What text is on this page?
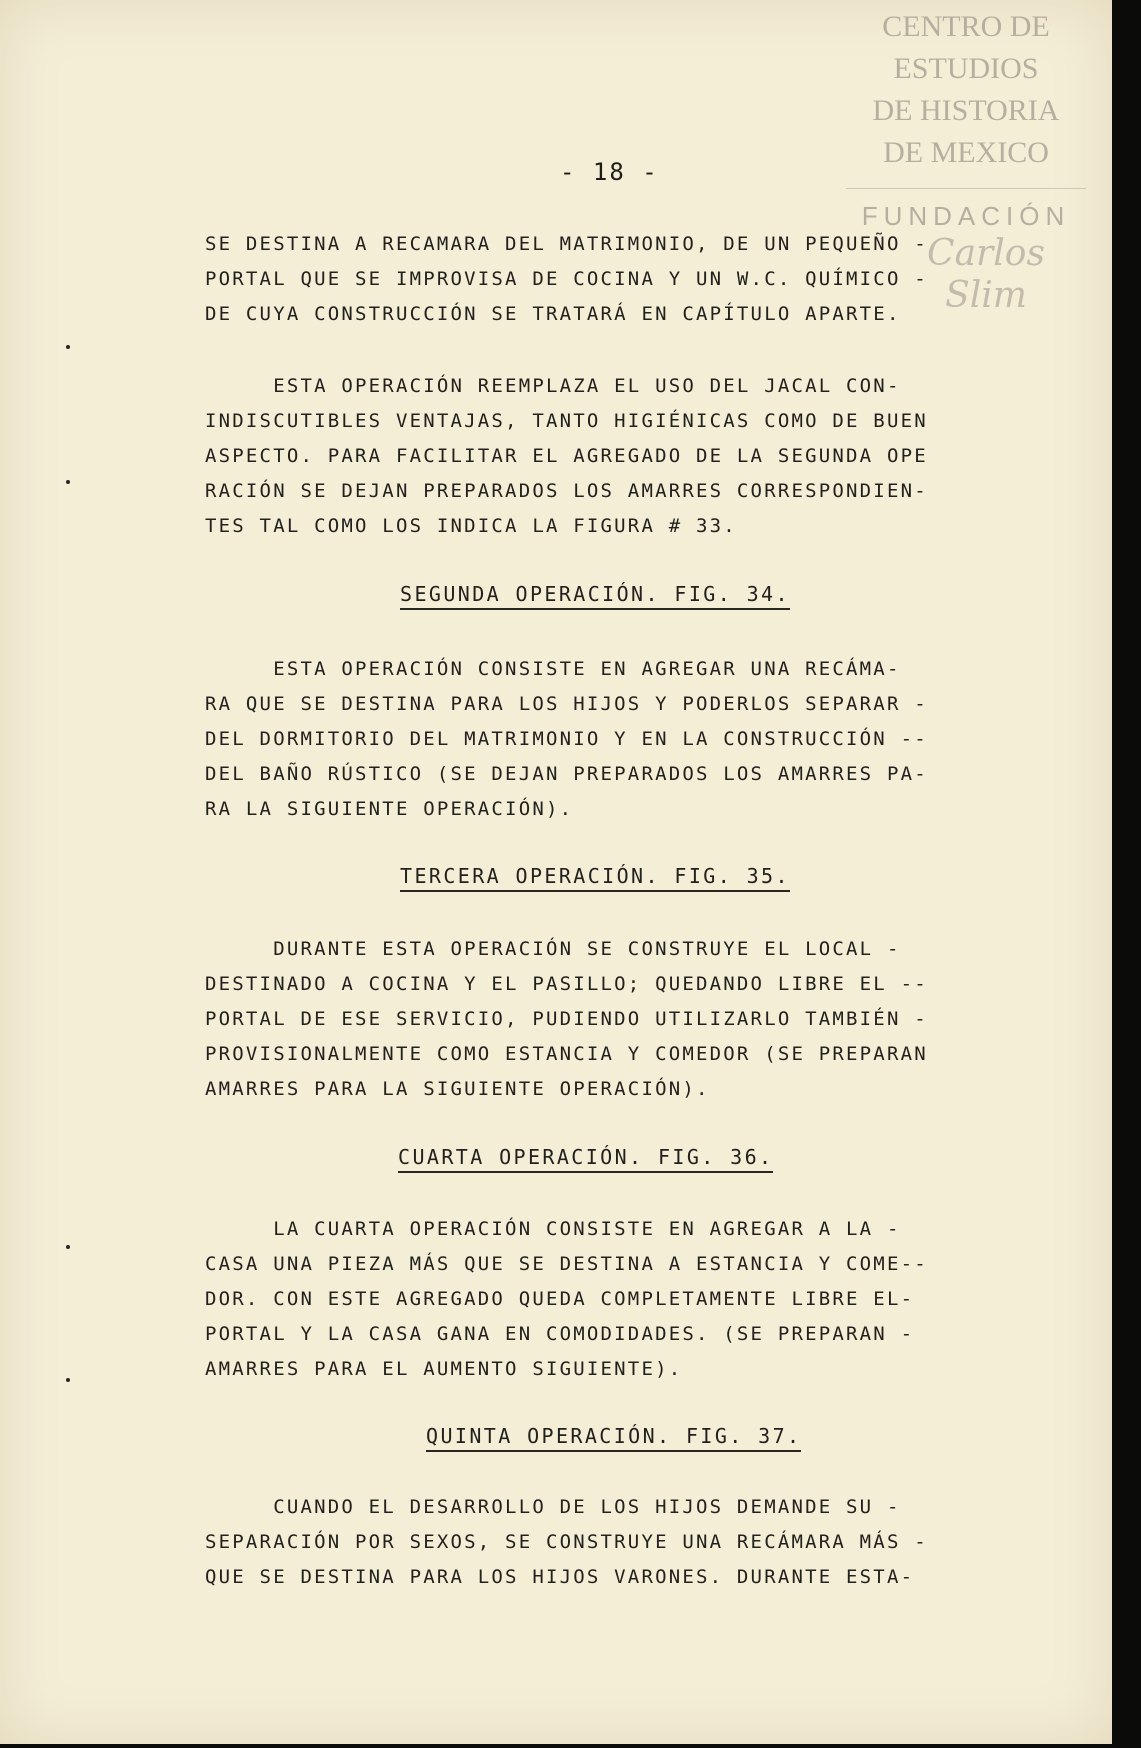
CENTRO DE
ESTUDIOS
DE HISTORIA
DE MEXICO
FUNDACIÓN
Carlos Slim
- 18 -

SE DESTINA A RECAMARA DEL MATRIMONIO, DE UN PEQUEÑO -

PORTAL QUE SE IMPROVISA DE COCINA Y UN W.C. QUÍMICO -

DE CUYA CONSTRUCCIÓN SE TRATARÁ EN CAPÍTULO APARTE.

ESTA OPERACIÓN REEMPLAZA EL USO DEL JACAL CON-

INDISCUTIBLES VENTAJAS, TANTO HIGIÉNICAS COMO DE BUEN

ASPECTO. PARA FACILITAR EL AGREGADO DE LA SEGUNDA OPE

RACIÓN SE DEJAN PREPARADOS LOS AMARRES CORRESPONDIEN-

TES TAL COMO LOS INDICA LA FIGURA # 33.

SEGUNDA OPERACIÓN. FIG. 34.

ESTA OPERACIÓN CONSISTE EN AGREGAR UNA RECÁMA-

RA QUE SE DESTINA PARA LOS HIJOS Y PODERLOS SEPARAR -

DEL DORMITORIO DEL MATRIMONIO Y EN LA CONSTRUCCIÓN --

DEL BAÑO RÚSTICO (SE DEJAN PREPARADOS LOS AMARRES PA-

RA LA SIGUIENTE OPERACIÓN).

TERCERA OPERACIÓN. FIG. 35.

DURANTE ESTA OPERACIÓN SE CONSTRUYE EL LOCAL -

DESTINADO A COCINA Y EL PASILLO; QUEDANDO LIBRE EL --

PORTAL DE ESE SERVICIO, PUDIENDO UTILIZARLO TAMBIÉN -

PROVISIONALMENTE COMO ESTANCIA Y COMEDOR (SE PREPARAN

AMARRES PARA LA SIGUIENTE OPERACIÓN).

CUARTA OPERACIÓN. FIG. 36.

LA CUARTA OPERACIÓN CONSISTE EN AGREGAR A LA -

CASA UNA PIEZA MÁS QUE SE DESTINA A ESTANCIA Y COME--

DOR. CON ESTE AGREGADO QUEDA COMPLETAMENTE LIBRE EL-

PORTAL Y LA CASA GANA EN COMODIDADES. (SE PREPARAN -

AMARRES PARA EL AUMENTO SIGUIENTE).

QUINTA OPERACIÓN. FIG. 37.

CUANDO EL DESARROLLO DE LOS HIJOS DEMANDE SU -

SEPARACIÓN POR SEXOS, SE CONSTRUYE UNA RECÁMARA MÁS -

QUE SE DESTINA PARA LOS HIJOS VARONES. DURANTE ESTA-
